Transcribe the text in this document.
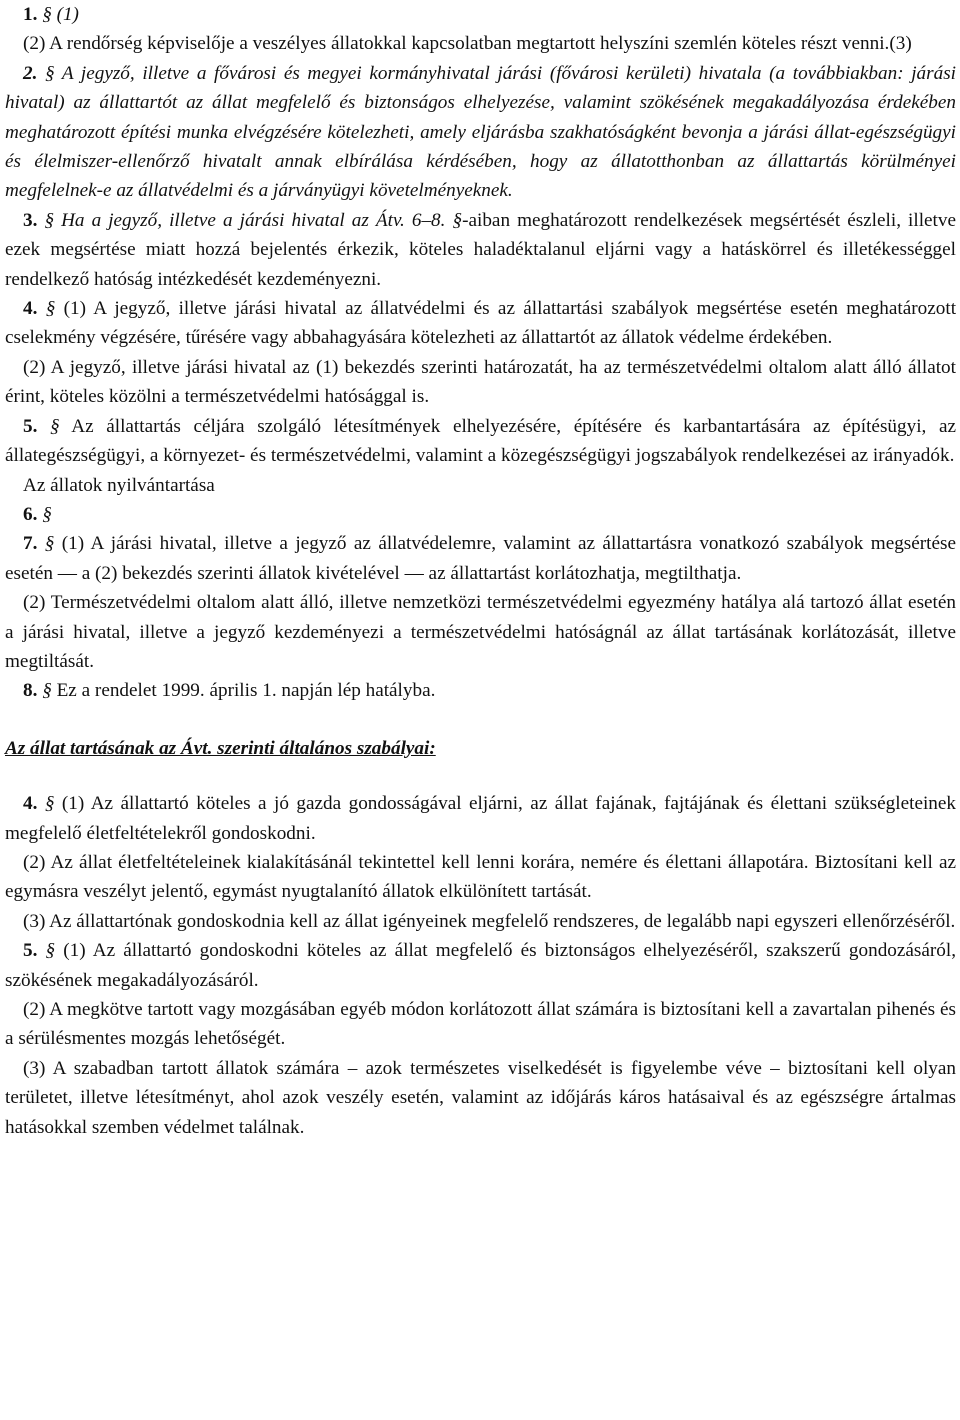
1. § (1)

(2) A rendőrség képviselője a veszélyes állatokkal kapcsolatban megtartott helyszíni szemlén köteles részt venni.(3)

2. § A jegyző, illetve a fővárosi és megyei kormányhivatal járási (fővárosi kerületi) hivatala (a továbbiakban: járási hivatal) az állattartót az állat megfelelő és biztonságos elhelyezése, valamint szökésének megakadályozása érdekében meghatározott építési munka elvégzésére kötelezheti, amely eljárásba szakhatóságként bevonja a járási állat-egészségügyi és élelmiszer-ellenőrző hivatalt annak elbírálása kérdésében, hogy az állatotthonban az állattartás körülményei megfelelnek-e az állatvédelmi és a járványügyi követelményeknek.

3. § Ha a jegyző, illetve a járási hivatal az Átv. 6–8. §-aiban meghatározott rendelkezések megsértését észleli, illetve ezek megsértése miatt hozzá bejelentés érkezik, köteles haladéktalanul eljárni vagy a hatáskörrel és illetékességgel rendelkező hatóság intézkedését kezdeményezni.

4. § (1) A jegyző, illetve járási hivatal az állatvédelmi és az állattartási szabályok megsértése esetén meghatározott cselekmény végzésére, tűrésére vagy abbahagyására kötelezheti az állattartót az állatok védelme érdekében.

(2) A jegyző, illetve járási hivatal az (1) bekezdés szerinti határozatát, ha az természetvédelmi oltalom alatt álló állatot érint, köteles közölni a természetvédelmi hatósággal is.

5. § Az állattartás céljára szolgáló létesítmények elhelyezésére, építésére és karbantartására az építésügyi, az állategészségügyi, a környezet- és természetvédelmi, valamint a közegészségügyi jogszabályok rendelkezései az irányadók.

Az állatok nyilvántartása

6. §

7. § (1) A járási hivatal, illetve a jegyző az állatvédelemre, valamint az állattartásra vonatkozó szabályok megsértése esetén — a (2) bekezdés szerinti állatok kivételével — az állattartást korlátozhatja, megtilthatja.

(2) Természetvédelmi oltalom alatt álló, illetve nemzetközi természetvédelmi egyezmény hatálya alá tartozó állat esetén a járási hivatal, illetve a jegyző kezdeményezi a természetvédelmi hatóságnál az állat tartásának korlátozását, illetve megtiltását.

8. § Ez a rendelet 1999. április 1. napján lép hatályba.

Az állat tartásának az Ávt. szerinti általános szabályai:

4. § (1) Az állattartó köteles a jó gazda gondosságával eljárni, az állat fajának, fajtájának és élettani szükségleteinek megfelelő életfeltételekről gondoskodni.

(2) Az állat életfeltételeinek kialakításánál tekintettel kell lenni korára, nemére és élettani állapotára. Biztosítani kell az egymásra veszélyt jelentő, egymást nyugtalanító állatok elkülönített tartását.

(3) Az állattartónak gondoskodnia kell az állat igényeinek megfelelő rendszeres, de legalább napi egyszeri ellenőrzéséről.

5. § (1) Az állattartó gondoskodni köteles az állat megfelelő és biztonságos elhelyezéséről, szakszerű gondozásáról, szökésének megakadályozásáról.

(2) A megkötve tartott vagy mozgásában egyéb módon korlátozott állat számára is biztosítani kell a zavartalan pihenés és a sérülésmentes mozgás lehetőségét.

(3) A szabadban tartott állatok számára – azok természetes viselkedését is figyelembe véve – biztosítani kell olyan területet, illetve létesítményt, ahol azok veszély esetén, valamint az időjárás káros hatásaival és az egészségre ártalmas hatásokkal szemben védelmet találnak.
